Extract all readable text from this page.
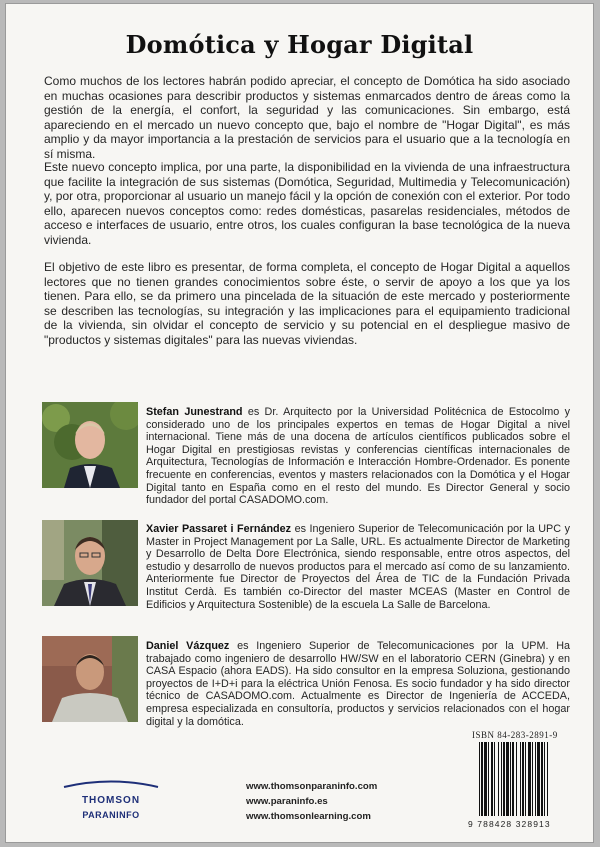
Domótica y Hogar Digital

Como muchos de los lectores habrán podido apreciar, el concepto de Domótica ha sido asociado en muchas ocasiones para describir productos y sistemas enmarcados dentro de áreas como la gestión de la energía, el confort, la seguridad y las comunicaciones. Sin embargo, está apareciendo en el mercado un nuevo concepto que, bajo el nombre de "Hogar Digital", es más amplio y da mayor importancia a la prestación de servicios para el usuario que a la tecnología en sí misma.

Este nuevo concepto implica, por una parte, la disponibilidad en la vivienda de una infraestructura que facilite la integración de sus sistemas (Domótica, Seguridad, Multimedia y Telecomunicación) y, por otra, proporcionar al usuario un manejo fácil y la opción de conexión con el exterior. Por todo ello, aparecen nuevos conceptos como: redes domésticas, pasarelas residenciales, métodos de acceso e interfaces de usuario, entre otros, los cuales configuran la base tecnológica de la nueva vivienda.

El objetivo de este libro es presentar, de forma completa, el concepto de Hogar Digital a aquellos lectores que no tienen grandes conocimientos sobre éste, o servir de apoyo a los que ya los tienen. Para ello, se da primero una pincelada de la situación de este mercado y posteriormente se describen las tecnologías, su integración y las implicaciones para el equipamiento tradicional de la vivienda, sin olvidar el concepto de servicio y su potencial en el despliegue masivo de "productos y sistemas digitales" para las nuevas viviendas.

Stefan Junestrand es Dr. Arquitecto por la Universidad Politécnica de Estocolmo y considerado uno de los principales expertos en temas de Hogar Digital a nivel internacional. Tiene más de una docena de artículos científicos publicados sobre el Hogar Digital en prestigiosas revistas y conferencias científicas internacionales de Arquitectura, Tecnologías de Información e Interacción Hombre-Ordenador. Es ponente frecuente en conferencias, eventos y masters relacionados con la Domótica y el Hogar Digital tanto en España como en el resto del mundo. Es Director General y socio fundador del portal CASADOMO.com.

Xavier Passaret i Fernández es Ingeniero Superior de Telecomunicación por la UPC y Master in Project Management por La Salle, URL. Es actualmente Director de Marketing y Desarrollo de Delta Dore Electrónica, siendo responsable, entre otros aspectos, del estudio y desarrollo de nuevos productos para el mercado así como de su lanzamiento. Anteriormente fue Director de Proyectos del Área de TIC de la Fundación Privada Institut Cerdà. Es también co-Director del master MCEAS (Master en Control de Edificios y Arquitectura Sostenible) de la escuela La Salle de Barcelona.

Daniel Vázquez es Ingeniero Superior de Telecomunicaciones por la UPM. Ha trabajado como ingeniero de desarrollo HW/SW en el laboratorio CERN (Ginebra) y en CASA Espacio (ahora EADS). Ha sido consultor en la empresa Soluziona, gestionando proyectos de I+D+i para la eléctrica Unión Fenosa. Es socio fundador y ha sido director técnico de CASADOMO.com. Actualmente es Director de Ingeniería de ACCEDA, empresa especializada en consultoría, productos y servicios relacionados con el hogar digital y la domótica.

THOMSON
PARANINFO
www.thomsonparaninfo.com
www.paraninfo.es
www.thomsonlearning.com
ISBN 84-283-2891-9
9 788428 328913
